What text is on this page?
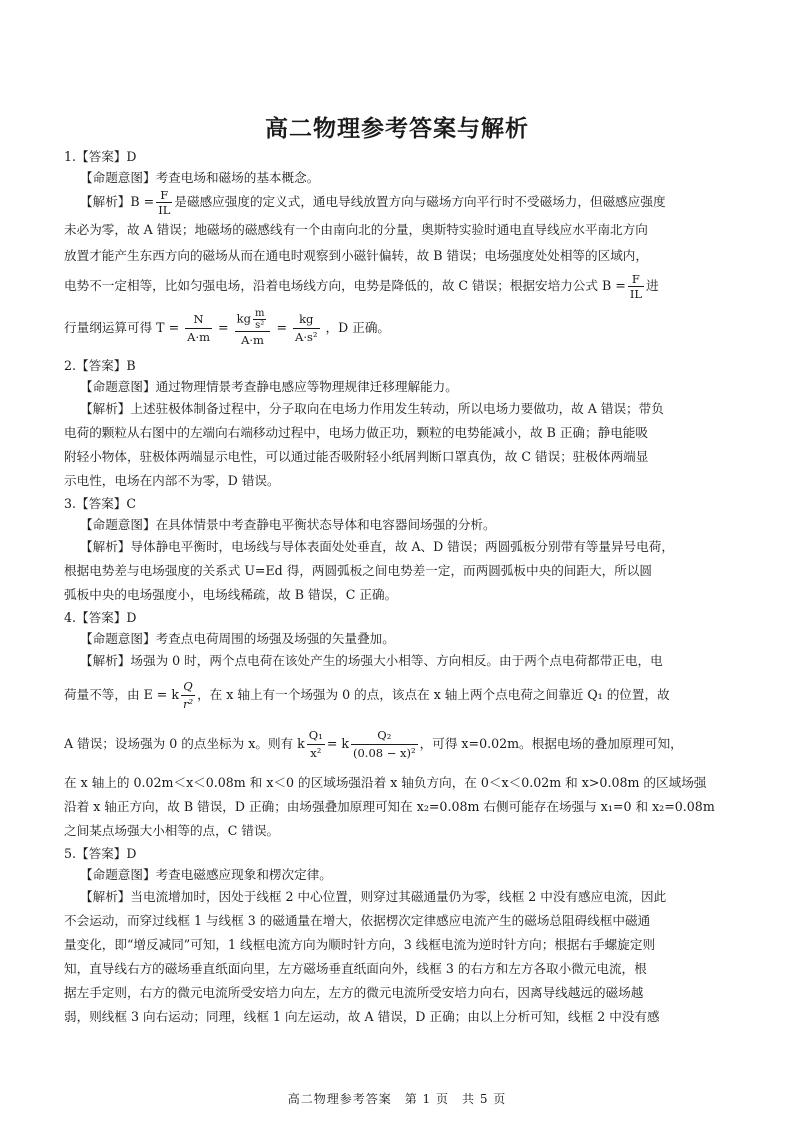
高二物理参考答案与解析
1.【答案】D
【命题意图】考查电场和磁场的基本概念。
【解析】$B = \frac{F}{IL}$ 是磁感应强度的定义式，通电导线放置方向与磁场方向平行时不受磁场力，但磁感应强度
未必为零，故 A 错误；地磁场的磁感线有一个由南向北的分量，奥斯特实验时通电直导线应水平南北方向
放置才能产生东西方向的磁场从而在通电时观察到小磁针偏转，故 B 错误；电场强度处处相等的区域内，
电势不一定相等，比如匀强电场，沿着电场线方向，电势是降低的，故 C 错误；根据安培力公式 $B = \frac{F}{IL}$ 进
行量纲运算可得 $T = \frac{N}{A\cdot m} = \frac{kg \frac{m}{\text{s²}}}{A\cdot m} = \frac{kg}{\text{A·s²}}$ ，D 正确。
2.【答案】B
【命题意图】通过物理情景考查静电感应等物理规律迁移理解能力。
【解析】上述驻极体制备过程中，分子取向在电场力作用发生转动，所以电场力要做功，故 A 错误；带负
电荷的颗粒从右图中的左端向右端移动过程中，电场力做正功，颗粒的电势能减小，故 B 正确；静电能吸
附轻小物体，驻极体两端显示电性，可以通过能否吸附轻小纸屑判断口罩真伪，故 C 错误；驻极体两端显
示电性，电场在内部不为零，D 错误。
3.【答案】C
【命题意图】在具体情景中考查静电平衡状态导体和电容器间场强的分析。
【解析】导体静电平衡时，电场线与导体表面处处垂直，故 A、D 错误；两圆弧板分别带有等量异号电荷，
根据电势差与电场强度的关系式 U=Ed 得，两圆弧板之间电势差一定，而两圆弧板中央的间距大，所以圆
弧板中央的电场强度小，电场线稀疏，故 B 错误，C 正确。
4.【答案】D
【命题意图】考查点电荷周围的场强及场强的矢量叠加。
【解析】场强为 0 时，两个点电荷在该处产生的场强大小相等、方向相反。由于两个点电荷都带正电，电
荷量不等，由 E = k $\frac{Q}{\text{r²}}$ ，在 x 轴上有一个场强为 0 的点，该点在 x 轴上两个点电荷之间靠近 Q₁ 的位置，故
A 错误；设场强为 0 的点坐标为 x。则有 k $\frac{\text{Q₁}}{\text{x²}} = k \frac{\text{Q₂}}{\text{(0.08 − x)²}}$ ，可得 x=0.02m。根据电场的叠加原理可知，
在 x 轴上的 0.02m＜x＜0.08m 和 x＜0 的区域场强沿着 x 轴负方向，在 0＜x＜0.02m 和 x>0.08m 的区域场强
沿着 x 轴正方向，故 B 错误，D 正确；由场强叠加原理可知在 x₂=0.08m 右侧可能存在场强与 x₁=0 和 x₂=0.08m
之间某点场强大小相等的点，C 错误。
5.【答案】D
【命题意图】考查电磁感应现象和楞次定律。
【解析】当电流增加时，因处于线框 2 中心位置，则穿过其磁通量仍为零，线框 2 中没有感应电流，因此
不会运动，而穿过线框 1 与线框 3 的磁通量在增大，依据楞次定律感应电流产生的磁场总阻碍线框中磁通
量变化，即“增反减同”可知，1 线框电流方向为顺时针方向，3 线框电流为逆时针方向；根据右手螺旋定则
知，直导线右方的磁场垂直纸面向里，左方磁场垂直纸面向外，线框 3 的右方和左方各取小微元电流，根
据左手定则，右方的微元电流所受安培力向左，左方的微元电流所受安培力向右，因离导线越远的磁场越
弱，则线框 3 向右运动；同理，线框 1 向左运动，故 A 错误，D 正确；由以上分析可知，线框 2 中没有感
高二物理参考答案　第 1 页　共 5 页
